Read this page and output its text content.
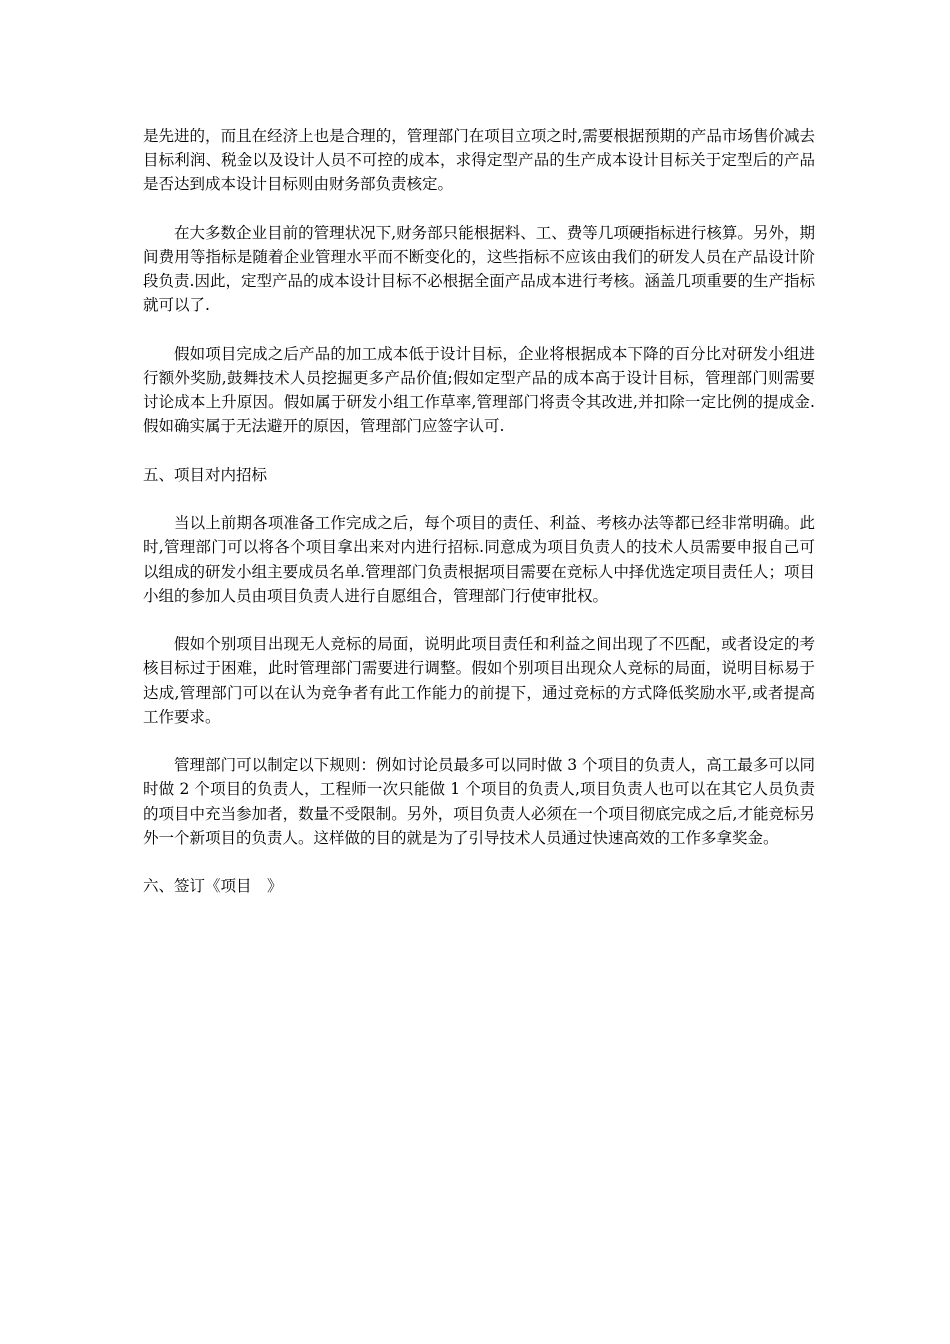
是先进的，而且在经济上也是合理的，管理部门在项目立项之时,需要根据预期的产品市场售价减去目标利润、税金以及设计人员不可控的成本，求得定型产品的生产成本设计目标关于定型后的产品是否达到成本设计目标则由财务部负责核定。

在大多数企业目前的管理状况下,财务部只能根据料、工、费等几项硬指标进行核算。另外，期间费用等指标是随着企业管理水平而不断变化的，这些指标不应该由我们的研发人员在产品设计阶段负责.因此，定型产品的成本设计目标不必根据全面产品成本进行考核。涵盖几项重要的生产指标就可以了.

假如项目完成之后产品的加工成本低于设计目标，企业将根据成本下降的百分比对研发小组进行额外奖励,鼓舞技术人员挖掘更多产品价值;假如定型产品的成本高于设计目标，管理部门则需要讨论成本上升原因。假如属于研发小组工作草率,管理部门将责令其改进,并扣除一定比例的提成金.假如确实属于无法避开的原因，管理部门应签字认可.

五、项目对内招标

当以上前期各项准备工作完成之后，每个项目的责任、利益、考核办法等都已经非常明确。此时,管理部门可以将各个项目拿出来对内进行招标.同意成为项目负责人的技术人员需要申报自己可以组成的研发小组主要成员名单.管理部门负责根据项目需要在竞标人中择优选定项目责任人；项目小组的参加人员由项目负责人进行自愿组合，管理部门行使审批权。

假如个别项目出现无人竞标的局面，说明此项目责任和利益之间出现了不匹配，或者设定的考核目标过于困难，此时管理部门需要进行调整。假如个别项目出现众人竞标的局面，说明目标易于达成,管理部门可以在认为竞争者有此工作能力的前提下，通过竞标的方式降低奖励水平,或者提高工作要求。

管理部门可以制定以下规则：例如讨论员最多可以同时做 3 个项目的负责人，高工最多可以同时做 2 个项目的负责人，工程师一次只能做 1 个项目的负责人,项目负责人也可以在其它人员负责的项目中充当参加者，数量不受限制。另外，项目负责人必须在一个项目彻底完成之后,才能竞标另外一个新项目的负责人。这样做的目的就是为了引导技术人员通过快速高效的工作多拿奖金。

六、签订《项目　》
